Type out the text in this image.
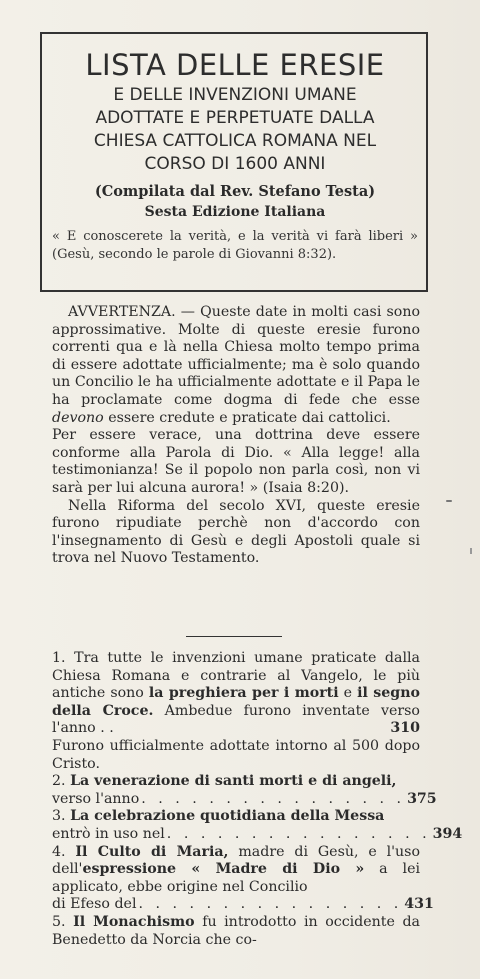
LISTA DELLE ERESIE
E DELLE INVENZIONI UMANE
ADOTTATE E PERPETUATE DALLA
CHIESA CATTOLICA ROMANA NEL
CORSO DI 1600 ANNI
(Compilata dal Rev. Stefano Testa)
Sesta Edizione Italiana
« E conoscerete la verità, e la verità vi farà liberi » (Gesù, secondo le parole di Giovanni 8:32).

AVVERTENZA. — Queste date in molti casi sono approssimative. Molte di queste eresie furono correnti qua e là nella Chiesa molto tempo prima di essere adottate ufficialmente; ma è solo quando un Concilio le ha ufficialmente adottate e il Papa le ha proclamate come dogma di fede che esse devono essere credute e praticate dai cattolici.

Per essere verace, una dottrina deve essere conforme alla Parola di Dio. « Alla legge! alla testimonianza! Se il popolo non parla così, non vi sarà per lui alcuna aurora! » (Isaia 8:20).

Nella Riforma del secolo XVI, queste eresie furono ripudiate perchè non d'accordo con l'insegnamento di Gesù e degli Apostoli quale si trova nel Nuovo Testamento.

1. Tra tutte le invenzioni umane praticate dalla Chiesa Romana e contrarie al Vangelo, le più antiche sono la preghiera per i morti e il segno della Croce. Ambedue furono inventate verso l'anno . .	310

Furono ufficialmente adottate intorno al 500 dopo Cristo.

2. La venerazione di santi morti e di angeli,
verso l'anno . . . . . . . . . . . . . . . . 375
3. La celebrazione quotidiana della Messa
entrò in uso nel . . . . . . . . . . . . . . . . 394
4. Il Culto di Maria, madre di Gesù, e l'uso dell'espressione « Madre di Dio » a lei applicato, ebbe origine nel Concilio
di Efeso del . . . . . . . . . . . . . . . . 431
5. Il Monachismo fu introdotto in occidente da Benedetto da Norcia che co-
